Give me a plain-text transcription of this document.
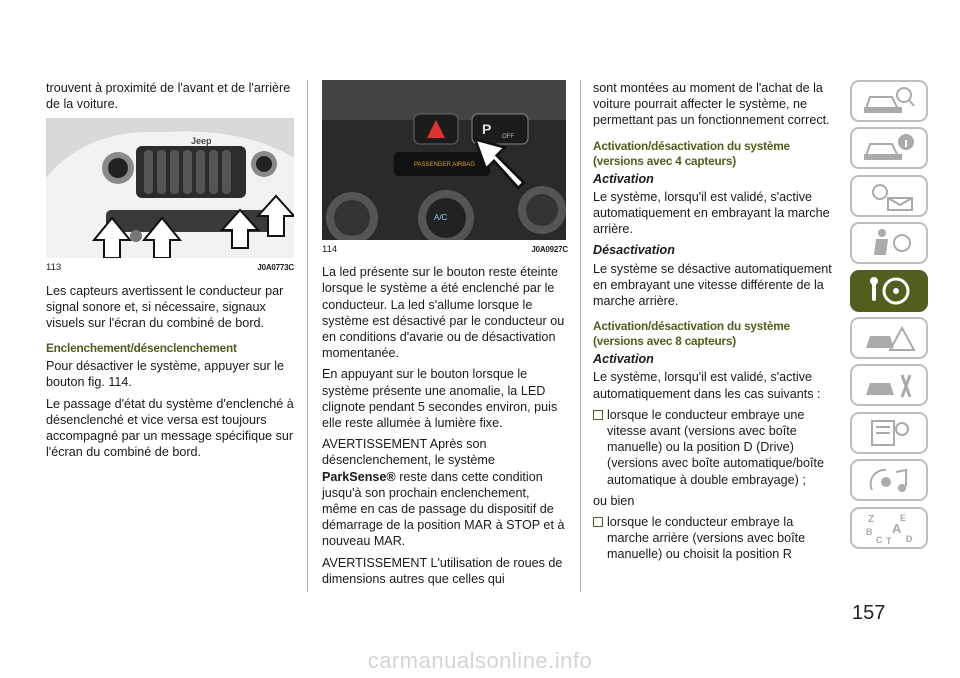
trouvent à proximité de l'avant et de l'arrière de la voiture.

Jeep
113	J0A0773C

Les capteurs avertissent le conducteur par signal sonore et, si nécessaire, signaux visuels sur l'écran du combiné de bord.

Enclenchement/désenclenchement

Pour désactiver le système, appuyer sur le bouton fig. 114.

Le passage d'état du système d'enclenché à désenclenché et vice versa est toujours accompagné par un message spécifique sur l'écran du combiné de bord.

P OFF
PASSENGER AIRBAG
A/C
114	J0A0927C

La led présente sur le bouton reste éteinte lorsque le système a été enclenché par le conducteur. La led s'allume lorsque le système est désactivé par le conducteur ou en conditions d'avarie ou de désactivation momentanée.

En appuyant sur le bouton lorsque le système présente une anomalie, la LED clignote pendant 5 secondes environ, puis elle reste allumée à lumière fixe.

AVERTISSEMENT Après son désenclenchement, le système ParkSense® reste dans cette condition jusqu'à son prochain enclenchement, même en cas de passage du dispositif de démarrage de la position MAR à STOP et à nouveau MAR.

AVERTISSEMENT L'utilisation de roues de dimensions autres que celles qui

sont montées au moment de l'achat de la voiture pourrait affecter le système, ne permettant pas un fonctionnement correct.

Activation/désactivation du système (versions avec 4 capteurs)
Activation

Le système, lorsqu'il est validé, s'active automatiquement en embrayant la marche arrière.

Désactivation

Le système se désactive automatiquement en embrayant une vitesse différente de la marche arrière.

Activation/désactivation du système (versions avec 8 capteurs)
Activation

Le système, lorsqu'il est validé, s'active automatiquement dans les cas suivants :

lorsque le conducteur embraye une vitesse avant (versions avec boîte manuelle) ou la position D (Drive) (versions avec boîte automatique/boîte automatique à double embrayage) ;

ou bien

lorsque le conducteur embraye la marche arrière (versions avec boîte manuelle) ou choisit la position R
Z	E
B A
C T D
157
carmanualsonline.info
